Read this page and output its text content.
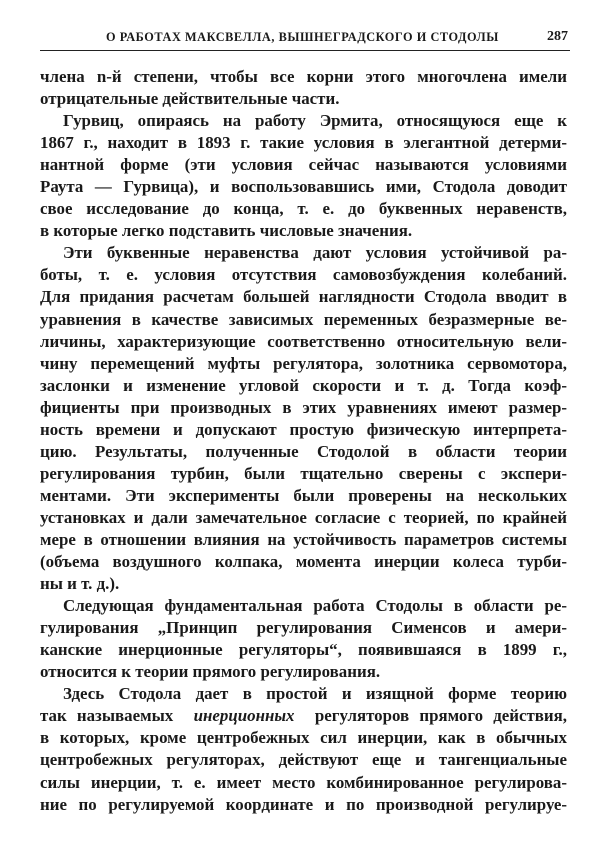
О РАБОТАХ МАКСВЕЛЛА, ВЫШНЕГРАДСКОГО И СТОДОЛЫ	287
члена n-й степени, чтобы все корни этого многочлена имели
отрицательные действительные части.
Гурвиц, опираясь на работу Эрмита, относящуюся еще к
1867 г., находит в 1893 г. такие условия в элегантной детерми-
нантной форме (эти условия сейчас называются условиями
Раута — Гурвица), и воспользовавшись ими, Стодола доводит
свое исследование до конца, т. е. до буквенных неравенств,
в которые легко подставить числовые значения.
Эти буквенные неравенства дают условия устойчивой ра-
боты, т. е. условия отсутствия самовозбуждения колебаний.
Для придания расчетам большей наглядности Стодола вводит в
уравнения в качестве зависимых переменных безразмерные ве-
личины, характеризующие соответственно относительную вели-
чину перемещений муфты регулятора, золотника сервомотора,
заслонки и изменение угловой скорости и т. д. Тогда коэф-
фициенты при производных в этих уравнениях имеют размер-
ность времени и допускают простую физическую интерпрета-
цию. Результаты, полученные Стодолой в области теории
регулирования турбин, были тщательно сверены с экспери-
ментами. Эти эксперименты были проверены на нескольких
установках и дали замечательное согласие с теорией, по крайней
мере в отношении влияния на устойчивость параметров системы
(объема воздушного колпака, момента инерции колеса турби-
ны и т. д.).
Следующая фундаментальная работа Стодолы в области ре-
гулирования „Принцип регулирования Сименсов и амери-
канские инерционные регуляторы“, появившаяся в 1899 г.,
относится к теории прямого регулирования.
Здесь Стодола дает в простой и изящной форме теорию
так называемых инерционных регуляторов прямого действия,
в которых, кроме центробежных сил инерции, как в обычных
центробежных регуляторах, действуют еще и тангенциальные
силы инерции, т. е. имеет место комбинированное регулирова-
ние по регулируемой координате и по производной регулируе-
